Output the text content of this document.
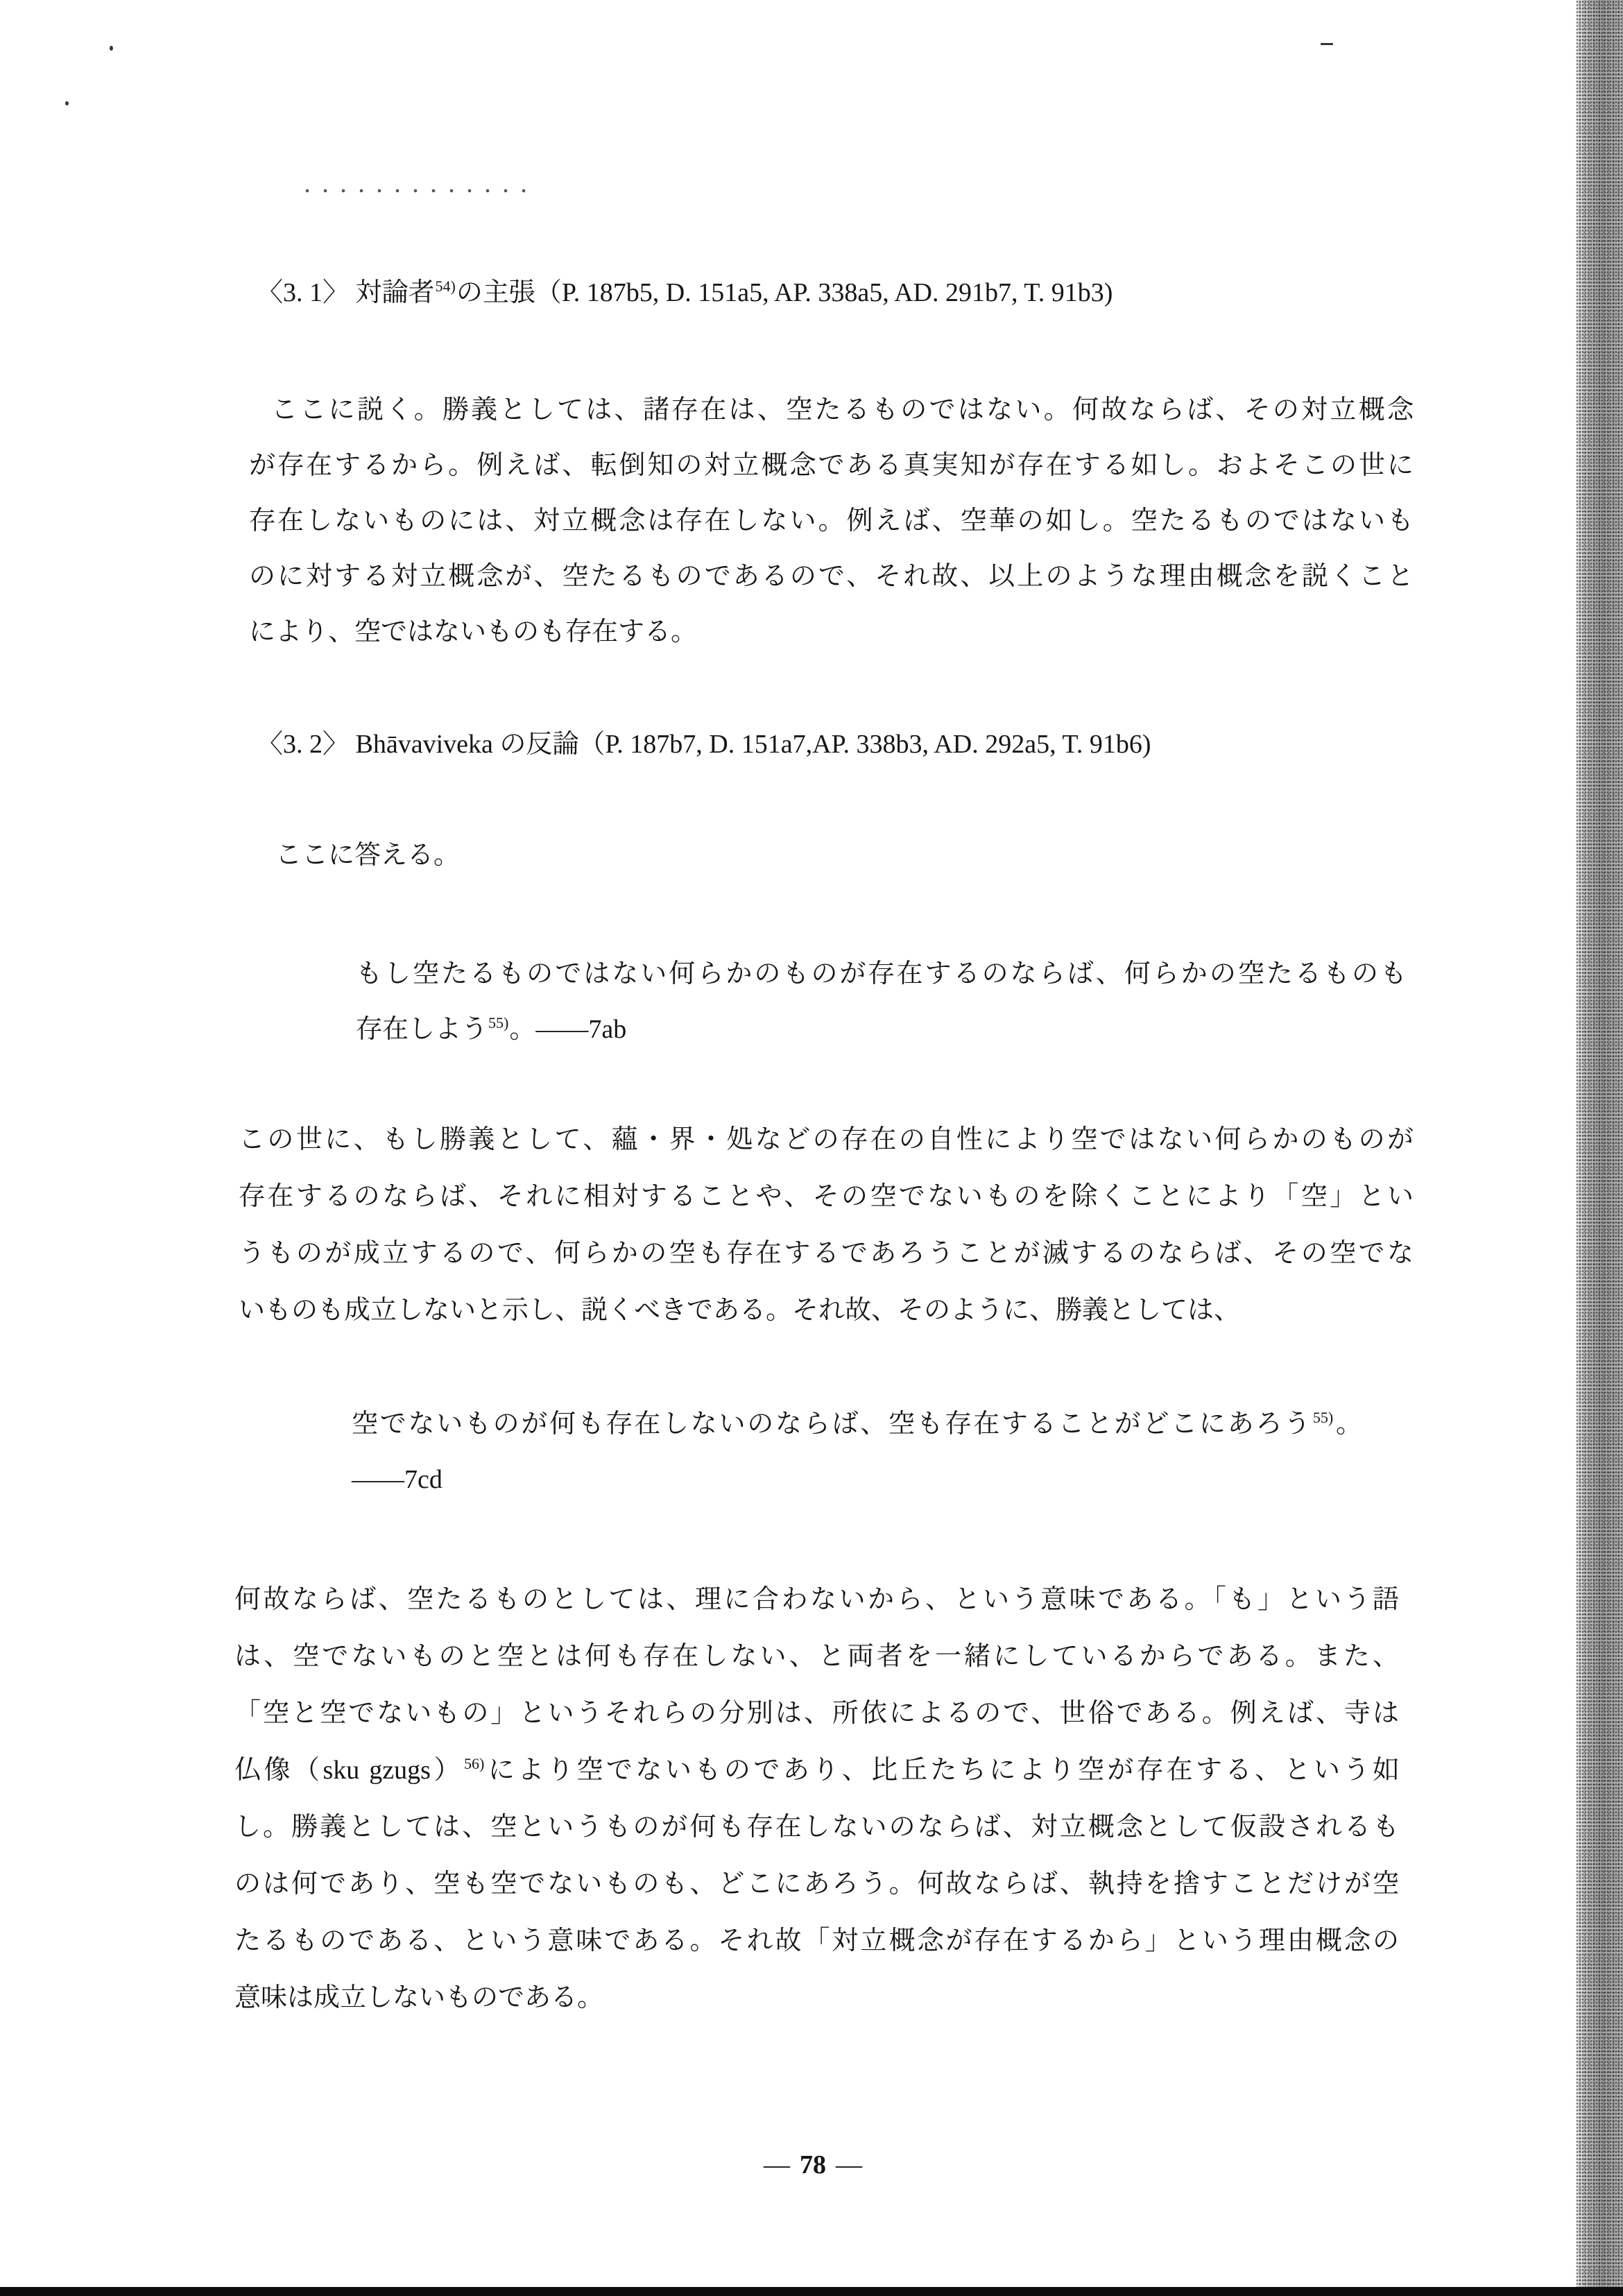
〈3. 1〉 対論者$^{54)}$の主張（P. 187b5, D. 151a5, AP. 338a5, AD. 291b7, T. 91b3)
ここに説く。勝義としては、諸存在は、空たるものではない。何故ならば、その対立概念
が存在するから。例えば、転倒知の対立概念である真実知が存在する如し。およそこの世に
存在しないものには、対立概念は存在しない。例えば、空華の如し。空たるものではないも
のに対する対立概念が、空たるものであるので、それ故、以上のような理由概念を説くこと
により、空ではないものも存在する。
〈3. 2〉 Bhāvaviveka の反論（P. 187b7, D. 151a7,AP. 338b3, AD. 292a5, T. 91b6)
ここに答える。
もし空たるものではない何らかのものが存在するのならば、何らかの空たるものも
存在しよう$^{55)}$。——7ab
この世に、もし勝義として、蘊・界・処などの存在の自性により空ではない何らかのものが
存在するのならば、それに相対することや、その空でないものを除くことにより「空」とい
うものが成立するので、何らかの空も存在するであろうことが滅するのならば、その空でな
いものも成立しないと示し、説くべきである。それ故、そのように、勝義としては、
空でないものが何も存在しないのならば、空も存在することがどこにあろう$^{55)}$。
——7cd
何故ならば、空たるものとしては、理に合わないから、という意味である。「も」という語
は、空でないものと空とは何も存在しない、と両者を一緒にしているからである。また、
「空と空でないもの」というそれらの分別は、所依によるので、世俗である。例えば、寺は
仏像（sku gzugs）$^{56)}$により空でないものであり、比丘たちにより空が存在する、という如
し。勝義としては、空というものが何も存在しないのならば、対立概念として仮設されるも
のは何であり、空も空でないものも、どこにあろう。何故ならば、執持を捨すことだけが空
たるものである、という意味である。それ故「対立概念が存在するから」という理由概念の
意味は成立しないものである。
— 78 —
